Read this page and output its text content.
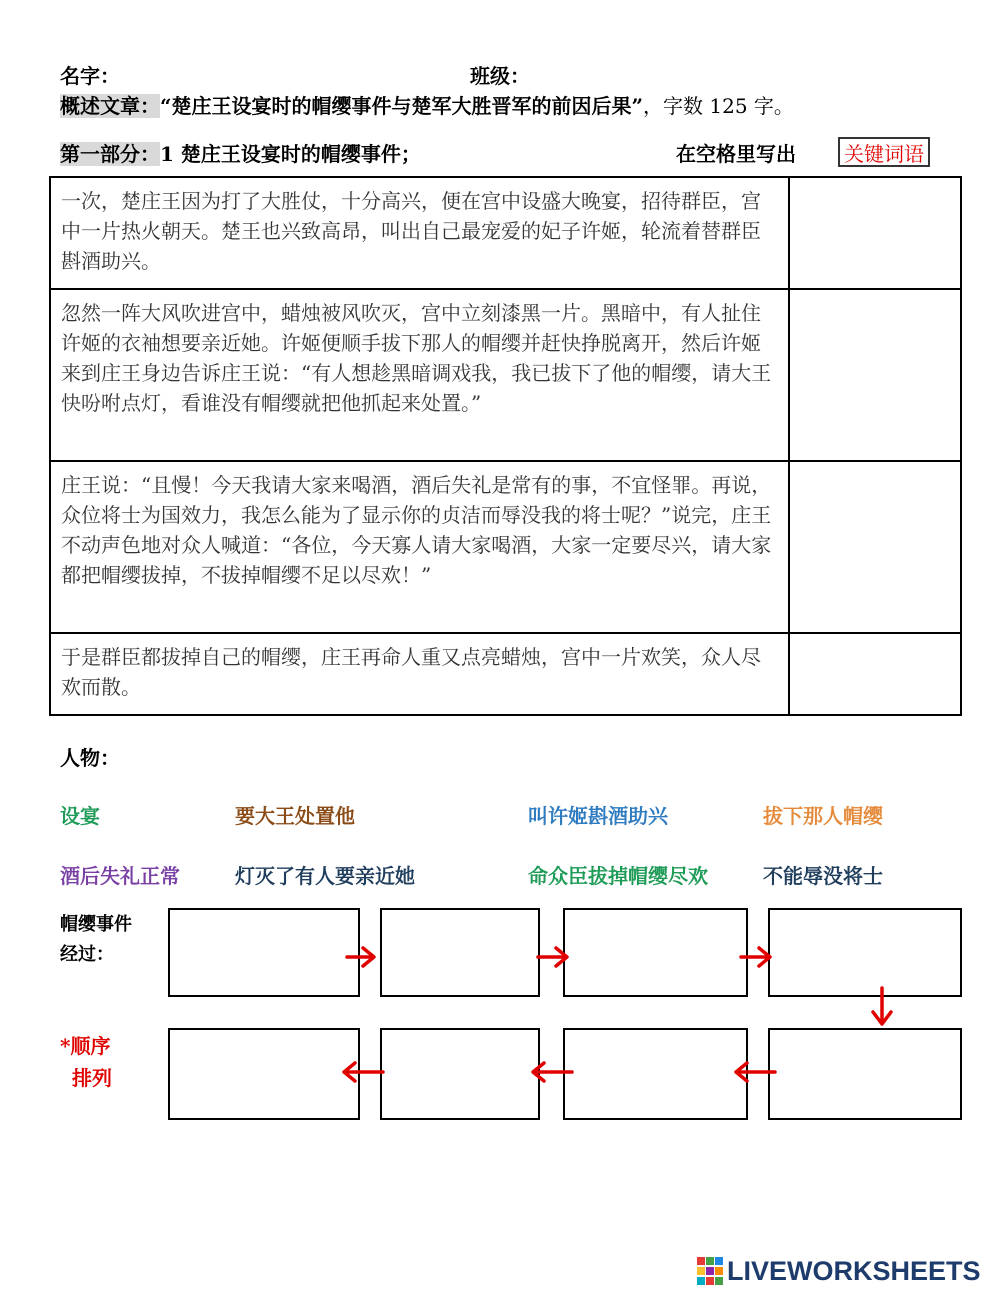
名字：	班级：
概述文章：“楚庄王设宴时的帽缨事件与楚军大胜晋军的前因后果”，字数 125 字。
第一部分：1 楚庄王设宴时的帽缨事件；	在空格里写出	关键词语
一次，楚庄王因为打了大胜仗，十分高兴，便在宫中设盛大晚宴，招待群臣，宫中一片热火朝天。楚王也兴致高昂，叫出自己最宠爱的妃子许姬，轮流着替群臣斟酒助兴。	
忽然一阵大风吹进宫中，蜡烛被风吹灭，宫中立刻漆黑一片。黑暗中，有人扯住许姬的衣袖想要亲近她。许姬便顺手拔下那人的帽缨并赶快挣脱离开，然后许姬来到庄王身边告诉庄王说：“有人想趁黑暗调戏我，我已拔下了他的帽缨，请大王快吩咐点灯，看谁没有帽缨就把他抓起来处置。”	
庄王说：“且慢！今天我请大家来喝酒，酒后失礼是常有的事，不宜怪罪。再说，众位将士为国效力，我怎么能为了显示你的贞洁而辱没我的将士呢？”说完，庄王不动声色地对众人喊道：“各位，今天寡人请大家喝酒，大家一定要尽兴，请大家都把帽缨拔掉，不拔掉帽缨不足以尽欢！”	
于是群臣都拔掉自己的帽缨，庄王再命人重又点亮蜡烛，宫中一片欢笑，众人尽欢而散。	
人物：
设宴	要大王处置他	叫许姬斟酒助兴	拔下那人帽缨
酒后失礼正常	灯灭了有人要亲近她	命众臣拔掉帽缨尽欢	不能辱没将士
帽缨事件
经过：
*顺序
排列
LIVEWORKSHEETS
